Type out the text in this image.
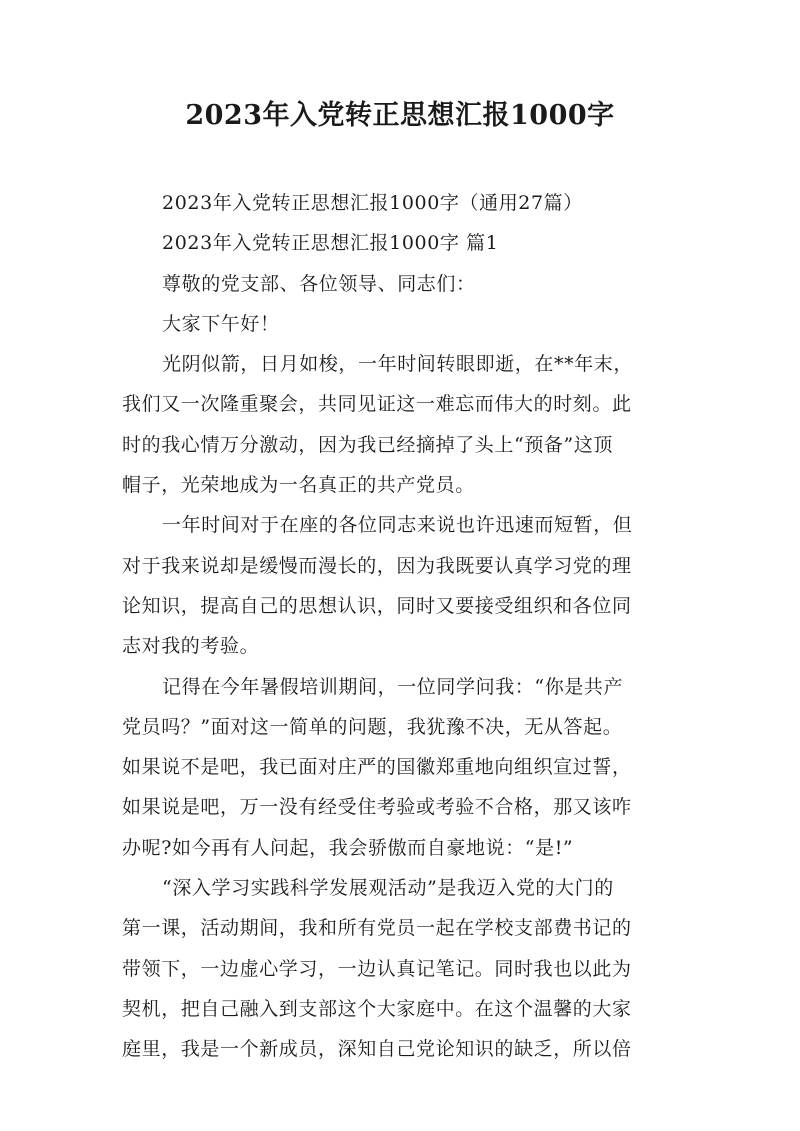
2023年入党转正思想汇报1000字
2023年入党转正思想汇报1000字（通用27篇）
2023年入党转正思想汇报1000字 篇1
尊敬的党支部、各位领导、同志们：
大家下午好！
光阴似箭，日月如梭，一年时间转眼即逝，在**年末，
我们又一次隆重聚会，共同见证这一难忘而伟大的时刻。此
时的我心情万分激动，因为我已经摘掉了头上“预备”这顶
帽子，光荣地成为一名真正的共产党员。
一年时间对于在座的各位同志来说也许迅速而短暂，但
对于我来说却是缓慢而漫长的，因为我既要认真学习党的理
论知识，提高自己的思想认识，同时又要接受组织和各位同
志对我的考验。
记得在今年暑假培训期间，一位同学问我：“你是共产
党员吗？”面对这一简单的问题，我犹豫不决，无从答起。
如果说不是吧，我已面对庄严的国徽郑重地向组织宣过誓，
如果说是吧，万一没有经受住考验或考验不合格，那又该咋
办呢?如今再有人问起，我会骄傲而自豪地说：“是!”
“深入学习实践科学发展观活动”是我迈入党的大门的
第一课，活动期间，我和所有党员一起在学校支部费书记的
带领下，一边虚心学习，一边认真记笔记。同时我也以此为
契机，把自己融入到支部这个大家庭中。在这个温馨的大家
庭里，我是一个新成员，深知自己党论知识的缺乏，所以倍
